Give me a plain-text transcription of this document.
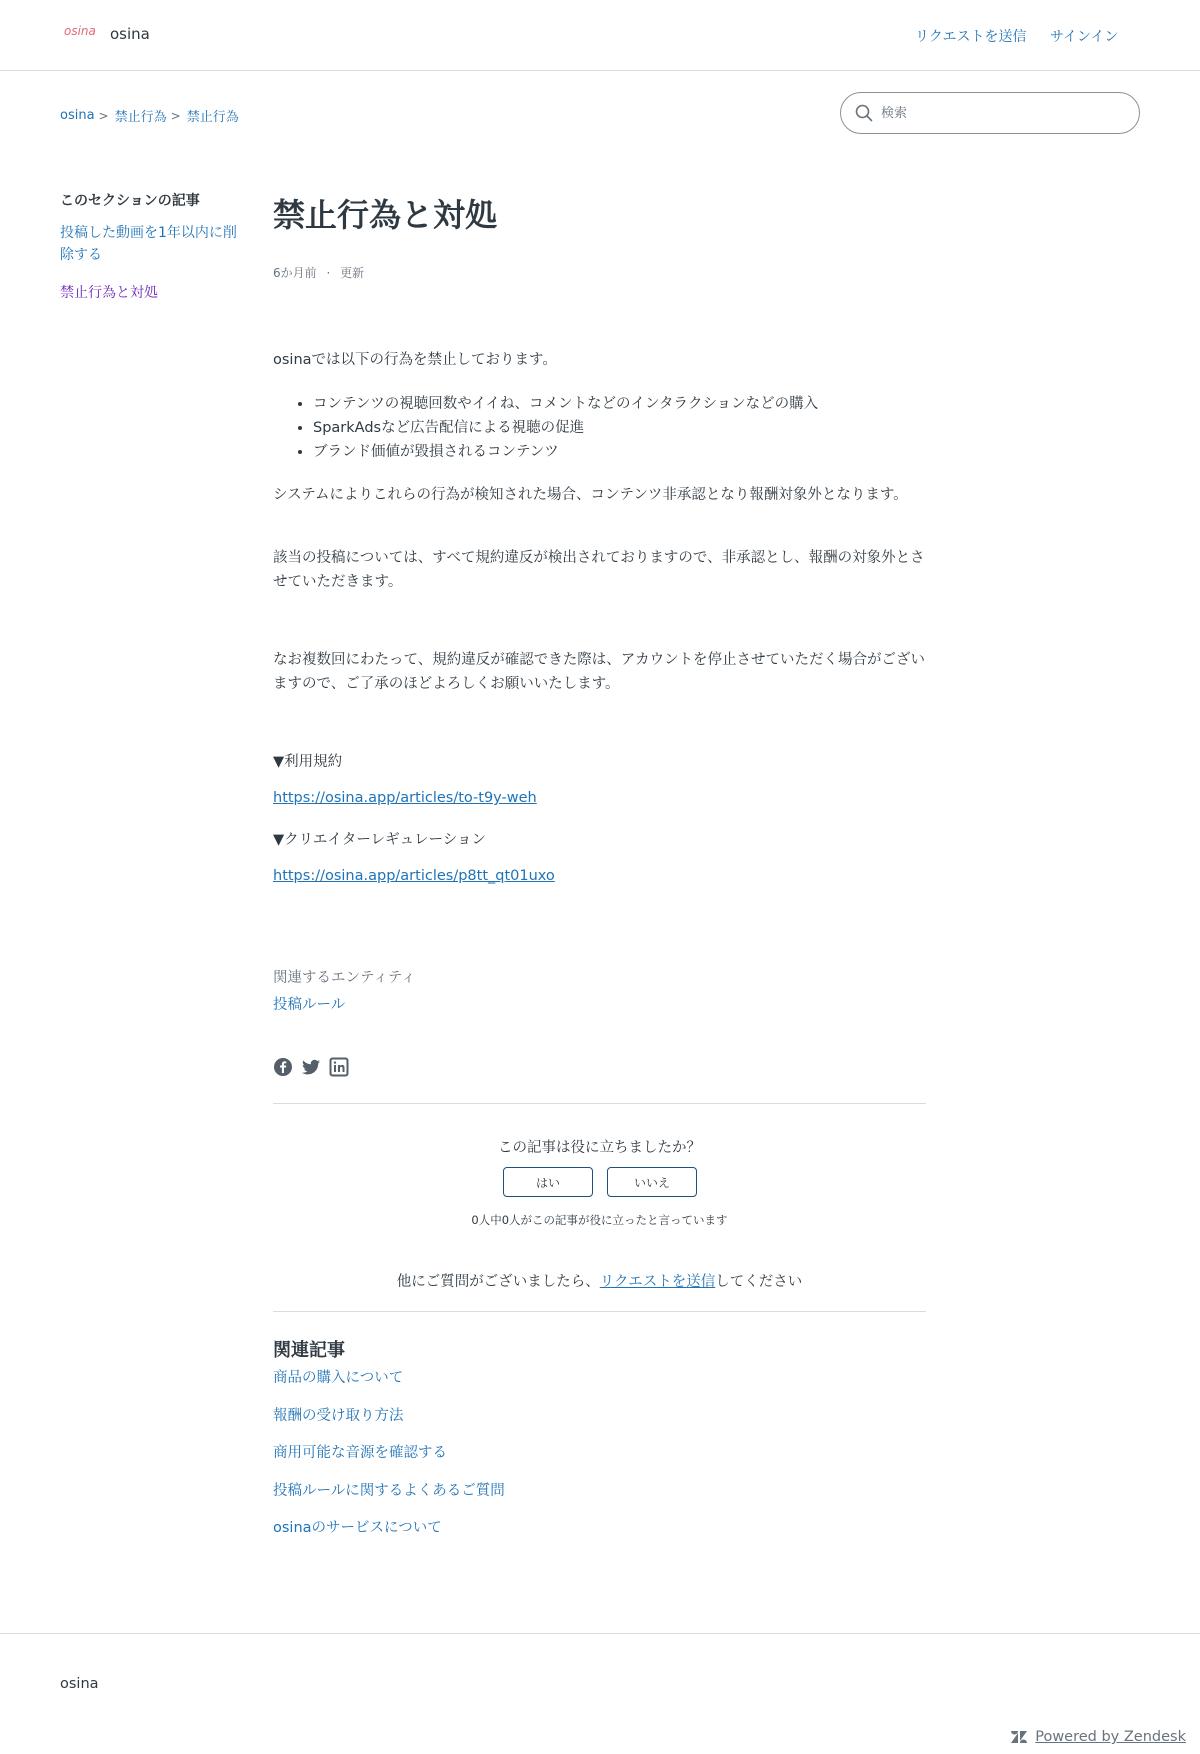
osina osina	リクエストを送信 サインイン
osina > 禁止行為 > 禁止行為
検索
このセクションの記事
投稿した動画を1年以内に削除する
禁止行為と対処
禁止行為と対処
6か月前 · 更新

osinaでは以下の行為を禁止しております。

• コンテンツの視聴回数やイイね、コメントなどのインタラクションなどの購入
• SparkAdsなど広告配信による視聴の促進
• ブランド価値が毀損されるコンテンツ

システムによりこれらの行為が検知された場合、コンテンツ非承認となり報酬対象外となります。

該当の投稿については、すべて規約違反が検出されておりますので、非承認とし、報酬の対象外とさせていただきます。

なお複数回にわたって、規約違反が確認できた際は、アカウントを停止させていただく場合がございますので、ご了承のほどよろしくお願いいたします。

▼利用規約

https://osina.app/articles/to-t9y-weh

▼クリエイターレギュレーション

https://osina.app/articles/p8tt_qt01uxo
関連するエンティティ
投稿ルール
この記事は役に立ちましたか？
はい	いいえ
0人中0人がこの記事が役に立ったと言っています
他にご質問がございましたら、リクエストを送信してください
関連記事
商品の購入について
報酬の受け取り方法
商用可能な音源を確認する
投稿ルールに関するよくあるご質問
osinaのサービスについて
osina
Powered by Zendesk
